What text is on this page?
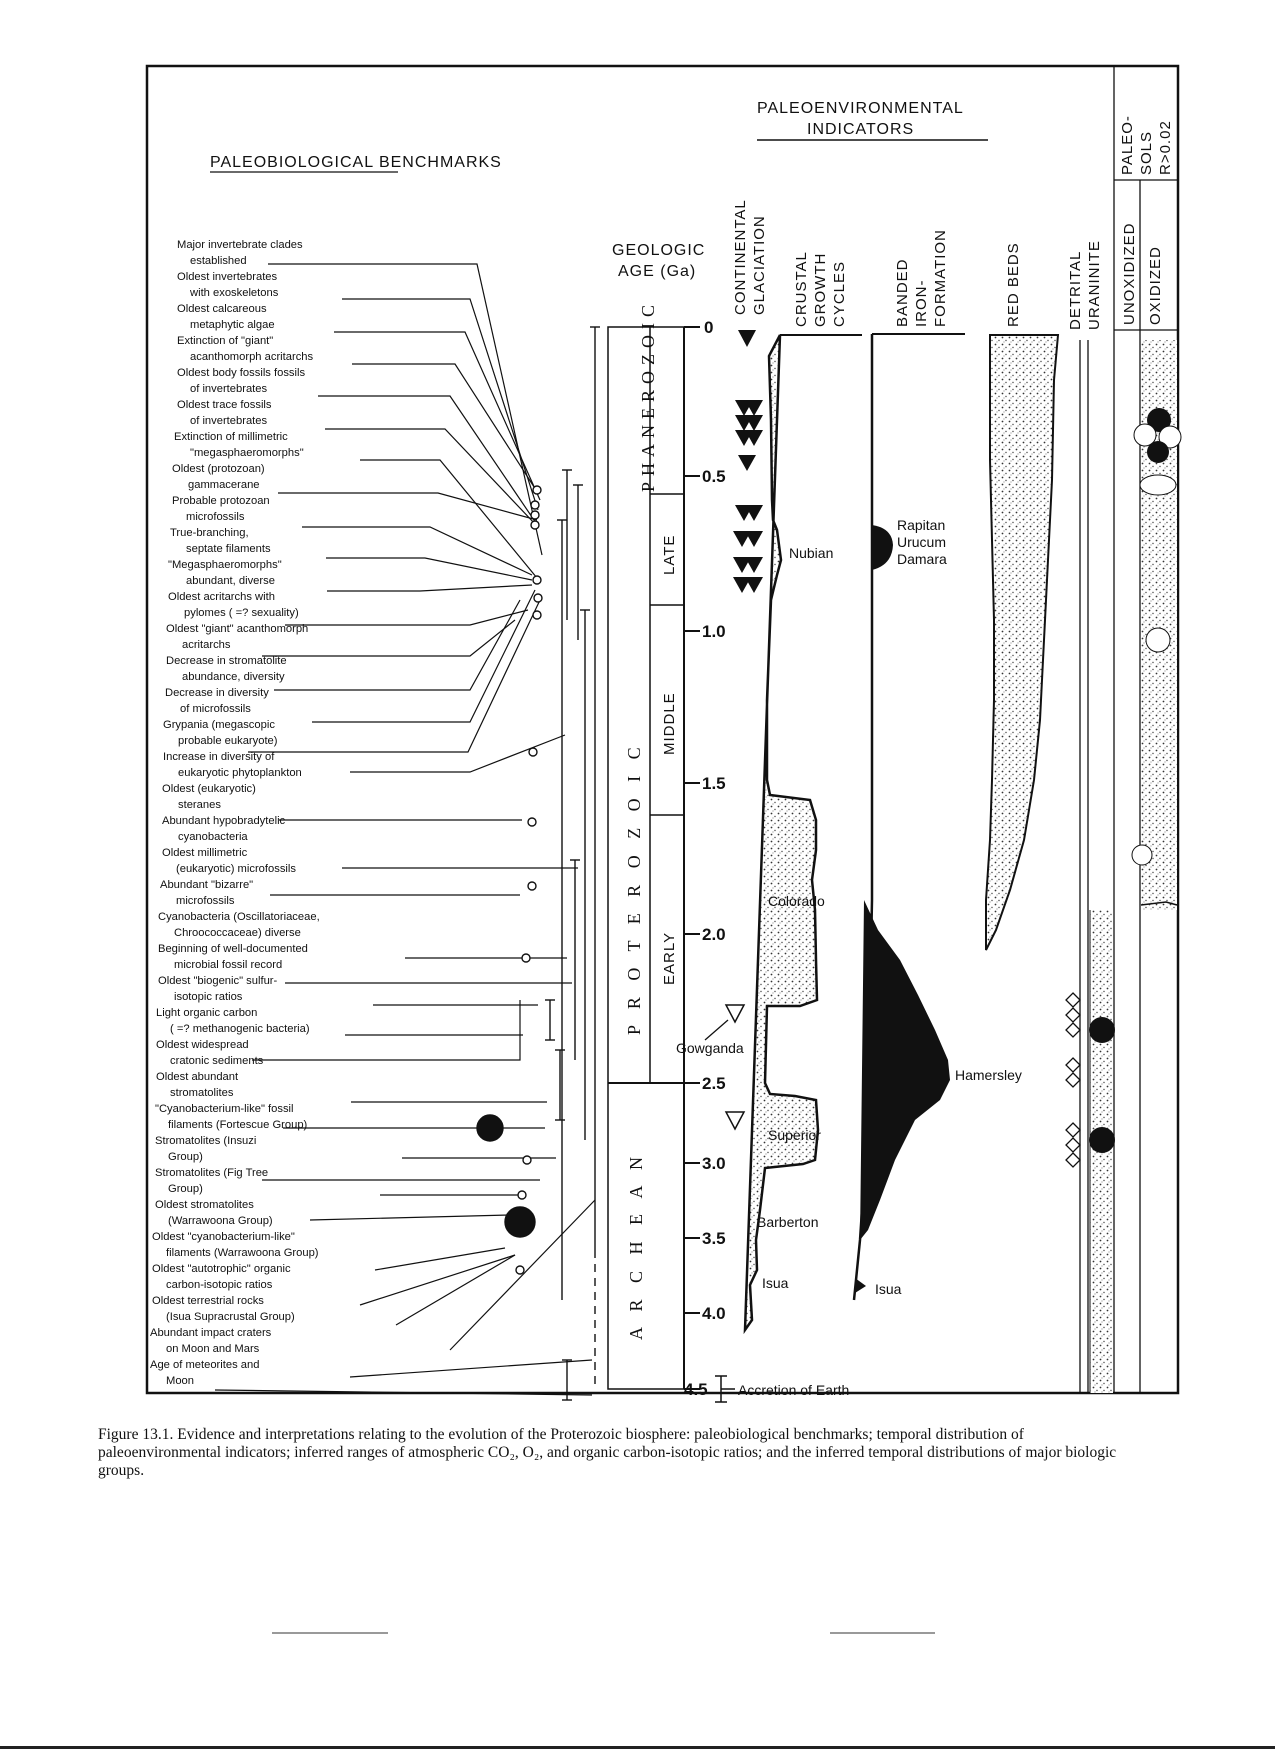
PALEOBIOLOGICAL BENCHMARKS
PALEOENVIRONMENTAL
INDICATORS
GEOLOGIC
AGE (Ga) CONTINENTAL GLACIATION CRUSTAL GROWTH CYCLES	BANDED IRON- FORMATION	RED BEDS	DETRITAL URANINITE
PALEO- SOLS R>0.02
UNOXIDIZED OXIDIZED
PHANEROZOIC
P R O T E R O Z O I C
A R C H E A N
LATE
MIDDLE
EARLY
0
0.5
1.0
1.5
2.0
2.5
3.0
3.5
4.0
4.5 Accretion of Earth
Nubian
Colorado
Gowganda
Superior
Barberton
Isua
Rapitan
Urucum
Damara
Hamersley
Isua
Major invertebrate clades
established
Oldest invertebrates
with exoskeletons
Oldest calcareous
metaphytic algae
Extinction of "giant"
acanthomorph acritarchs
Oldest body fossils fossils
of invertebrates
Oldest trace fossils
of invertebrates
Extinction of millimetric
"megasphaeromorphs"
Oldest (protozoan)
gammacerane
Probable protozoan
microfossils
True-branching,
septate filaments
"Megasphaeromorphs"
abundant, diverse
Oldest acritarchs with
pylomes ( =? sexuality)
Oldest "giant" acanthomorph
acritarchs
Decrease in stromatolite
abundance, diversity
Decrease in diversity
of microfossils
Grypania (megascopic
probable eukaryote)
Increase in diversity of
eukaryotic phytoplankton
Oldest (eukaryotic)
steranes
Abundant hypobradytelic
cyanobacteria
Oldest millimetric
(eukaryotic) microfossils
Abundant "bizarre"
microfossils
Cyanobacteria (Oscillatoriaceae,
Chroococcaceae) diverse
Beginning of well-documented
microbial fossil record
Oldest "biogenic" sulfur-
isotopic ratios
Light organic carbon
( =? methanogenic bacteria)
Oldest widespread
cratonic sediments
Oldest abundant
stromatolites
"Cyanobacterium-like" fossil
filaments (Fortescue Group)
Stromatolites (Insuzi
Group)
Stromatolites (Fig Tree
Group)
Oldest stromatolites
(Warrawoona Group)
Oldest "cyanobacterium-like"
filaments (Warrawoona Group)
Oldest "autotrophic" organic
carbon-isotopic ratios
Oldest terrestrial rocks
(Isua Supracrustal Group)
Abundant impact craters
on Moon and Mars
Age of meteorites and
Moon
Figure 13.1. Evidence and interpretations relating to the evolution of the Proterozoic biosphere: paleobiological benchmarks; temporal distribution of paleoenvironmental indicators; inferred ranges of atmospheric CO₂, O₂, and organic carbon-isotopic ratios; and the inferred temporal distributions of major biologic groups.
